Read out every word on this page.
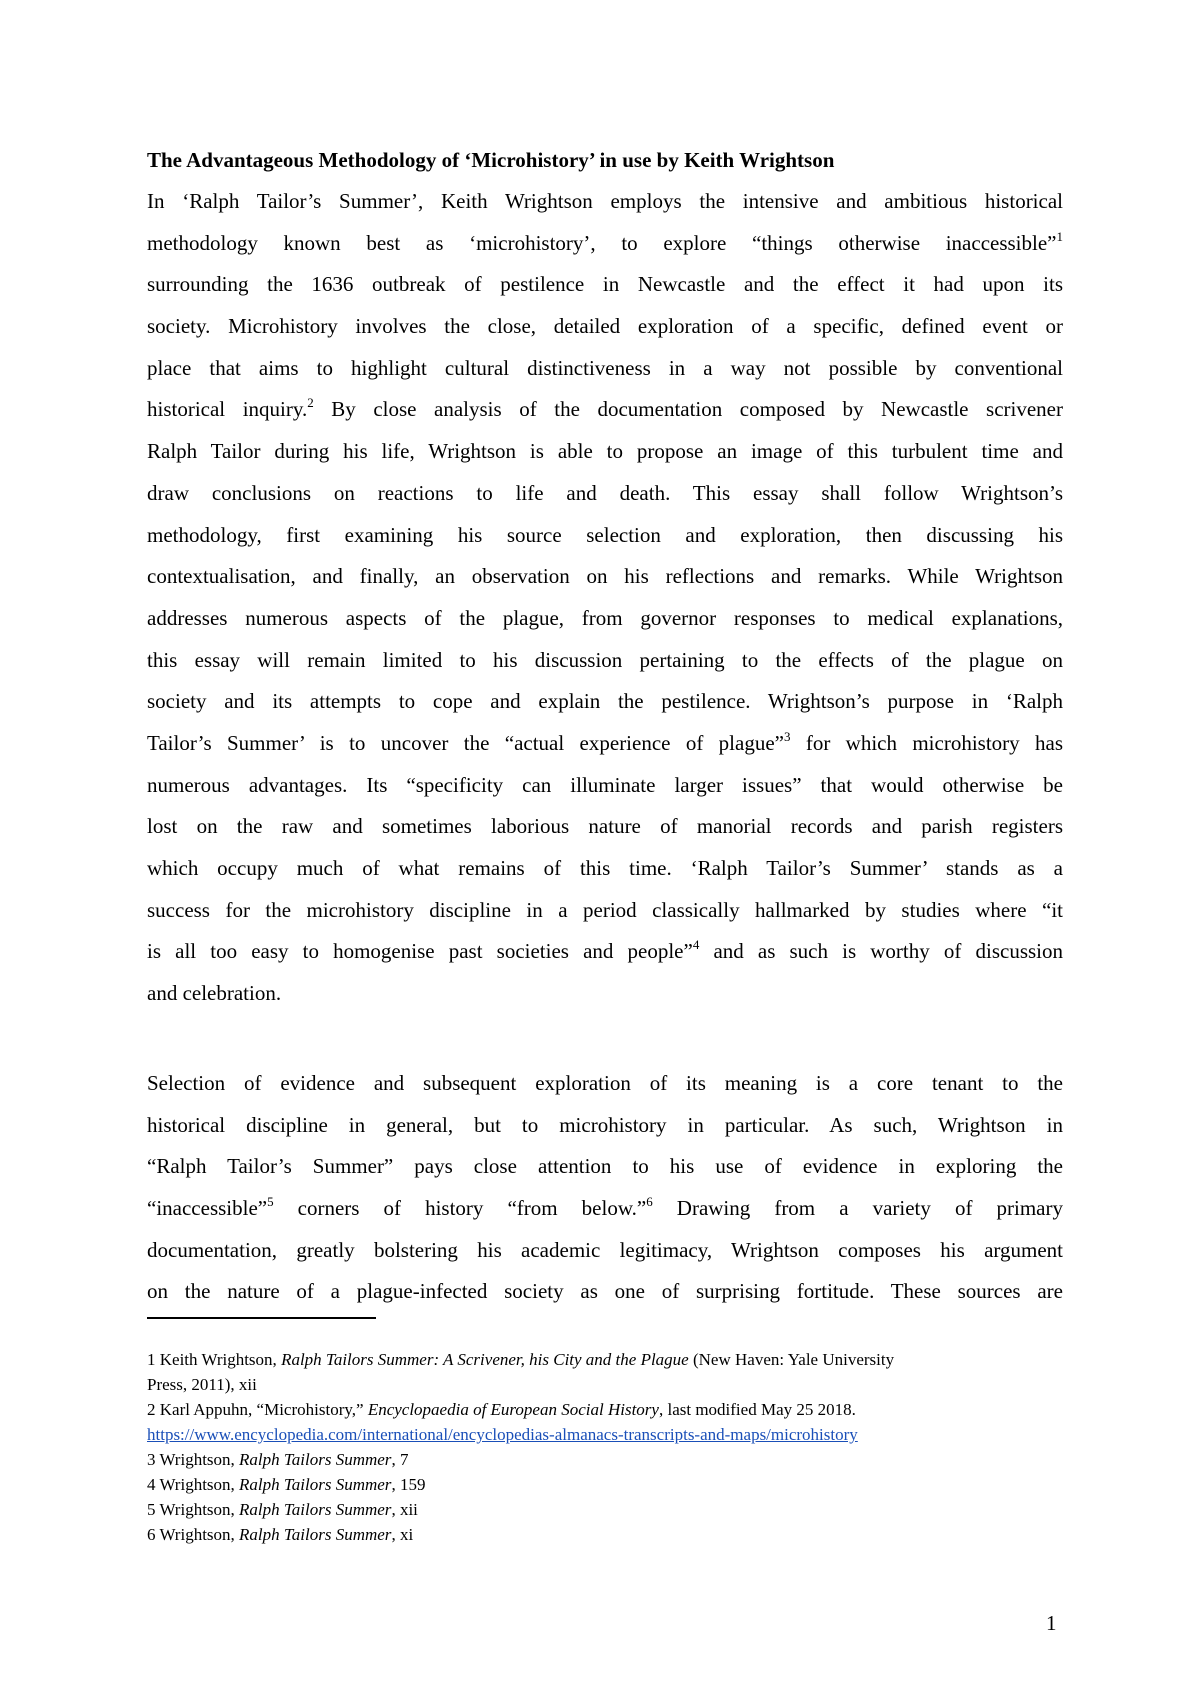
The Advantageous Methodology of ‘Microhistory’ in use by Keith Wrightson
In ‘Ralph Tailor’s Summer’, Keith Wrightson employs the intensive and ambitious historical
methodology known best as ‘microhistory’, to explore “things otherwise inaccessible”$^1$
surrounding the 1636 outbreak of pestilence in Newcastle and the effect it had upon its
society. Microhistory involves the close, detailed exploration of a specific, defined event or
place that aims to highlight cultural distinctiveness in a way not possible by conventional
historical inquiry.$^2$ By close analysis of the documentation composed by Newcastle scrivener
Ralph Tailor during his life, Wrightson is able to propose an image of this turbulent time and
draw conclusions on reactions to life and death. This essay shall follow Wrightson’s
methodology, first examining his source selection and exploration, then discussing his
contextualisation, and finally, an observation on his reflections and remarks. While Wrightson
addresses numerous aspects of the plague, from governor responses to medical explanations,
this essay will remain limited to his discussion pertaining to the effects of the plague on
society and its attempts to cope and explain the pestilence. Wrightson’s purpose in ‘Ralph
Tailor’s Summer’ is to uncover the “actual experience of plague”$^3$ for which microhistory has
numerous advantages. Its “specificity can illuminate larger issues” that would otherwise be
lost on the raw and sometimes laborious nature of manorial records and parish registers
which occupy much of what remains of this time. ‘Ralph Tailor’s Summer’ stands as a
success for the microhistory discipline in a period classically hallmarked by studies where “it
is all too easy to homogenise past societies and people”$^4$ and as such is worthy of discussion
and celebration.
Selection of evidence and subsequent exploration of its meaning is a core tenant to the
historical discipline in general, but to microhistory in particular. As such, Wrightson in
“Ralph Tailor’s Summer” pays close attention to his use of evidence in exploring the
“inaccessible”$^5$ corners of history “from below.”$^6$ Drawing from a variety of primary
documentation, greatly bolstering his academic legitimacy, Wrightson composes his argument
on the nature of a plague-infected society as one of surprising fortitude. These sources are
1 Keith Wrightson, Ralph Tailors Summer: A Scrivener, his City and the Plague (New Haven: Yale University
Press, 2011), xii
2 Karl Appuhn, “Microhistory,” Encyclopaedia of European Social History, last modified May 25 2018.
https://www.encyclopedia.com/international/encyclopedias-almanacs-transcripts-and-maps/microhistory
3 Wrightson, Ralph Tailors Summer, 7
4 Wrightson, Ralph Tailors Summer, 159
5 Wrightson, Ralph Tailors Summer, xii
6 Wrightson, Ralph Tailors Summer, xi
1
